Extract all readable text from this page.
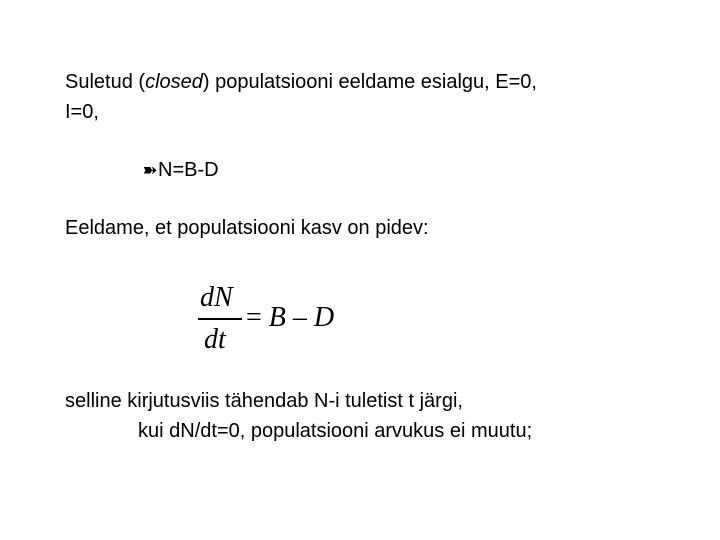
Suletud (closed) populatsiooni eeldame esialgu, E=0,
I=0,
➽N=B-D
Eeldame, et populatsiooni kasv on pidev:
dN
dt
= B – D
selline kirjutusviis tähendab N-i tuletist t järgi,
kui dN/dt=0, populatsiooni arvukus ei muutu;
